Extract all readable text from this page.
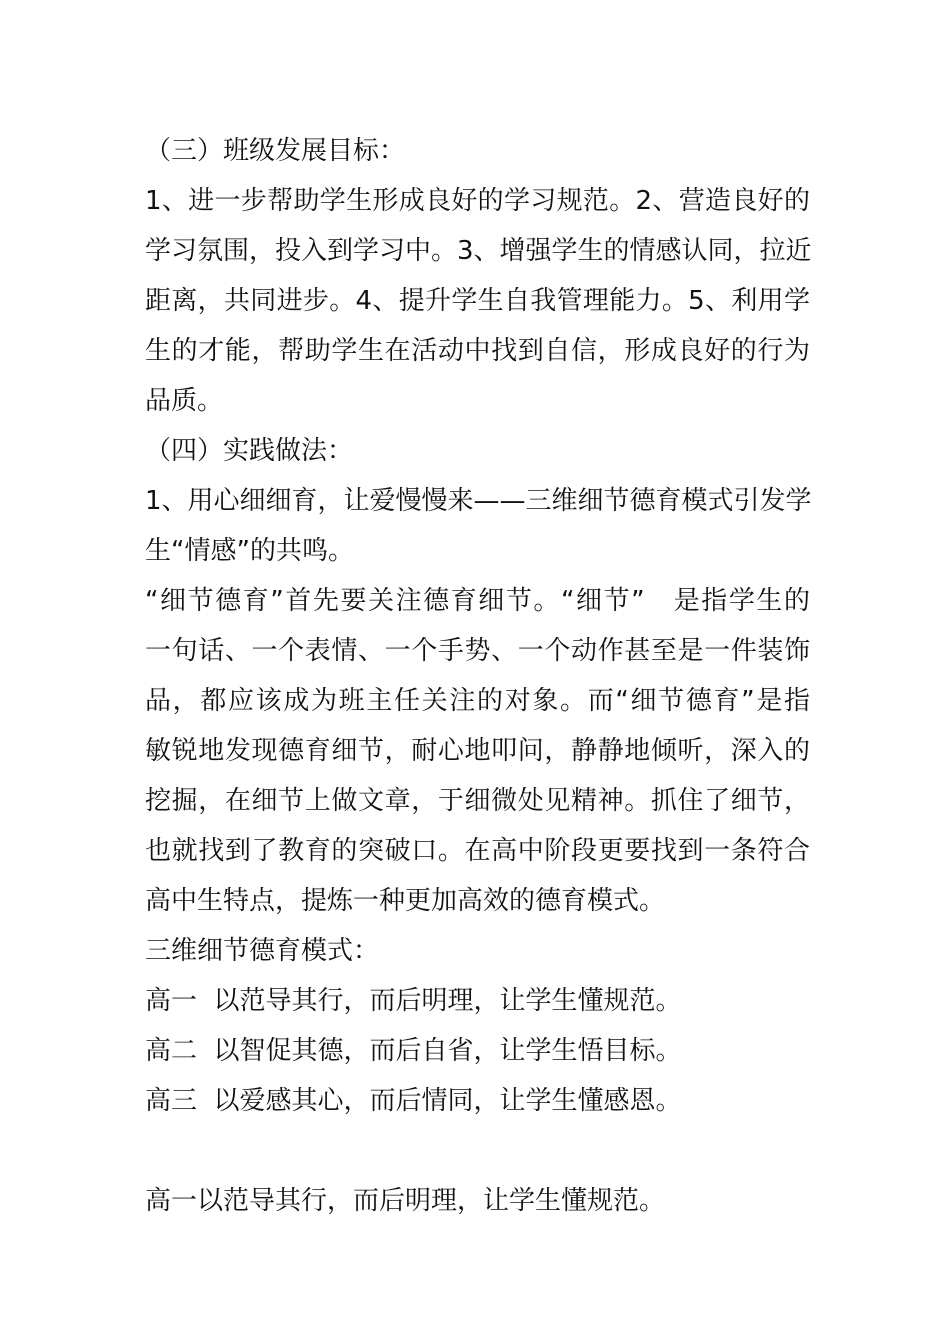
（三）班级发展目标：
1、进一步帮助学生形成良好的学习规范。2、营造良好的
学习氛围，投入到学习中。3、增强学生的情感认同，拉近
距离，共同进步。4、提升学生自我管理能力。5、利用学
生的才能，帮助学生在活动中找到自信，形成良好的行为
品质。
（四）实践做法：
1、用心细细育，让爱慢慢来——三维细节德育模式引发学
生“情感”的共鸣。
“细节德育”首先要关注德育细节。“细节”　是指学生的
一句话、一个表情、一个手势、一个动作甚至是一件装饰
品，都应该成为班主任关注的对象。而“细节德育”是指
敏锐地发现德育细节，耐心地叩问，静静地倾听，深入的
挖掘，在细节上做文章，于细微处见精神。抓住了细节，
也就找到了教育的突破口。在高中阶段更要找到一条符合
高中生特点，提炼一种更加高效的德育模式。
三维细节德育模式：
高一  以范导其行，而后明理，让学生懂规范。
高二  以智促其德，而后自省，让学生悟目标。
高三  以爱感其心，而后情同，让学生懂感恩。
高一以范导其行，而后明理，让学生懂规范。
